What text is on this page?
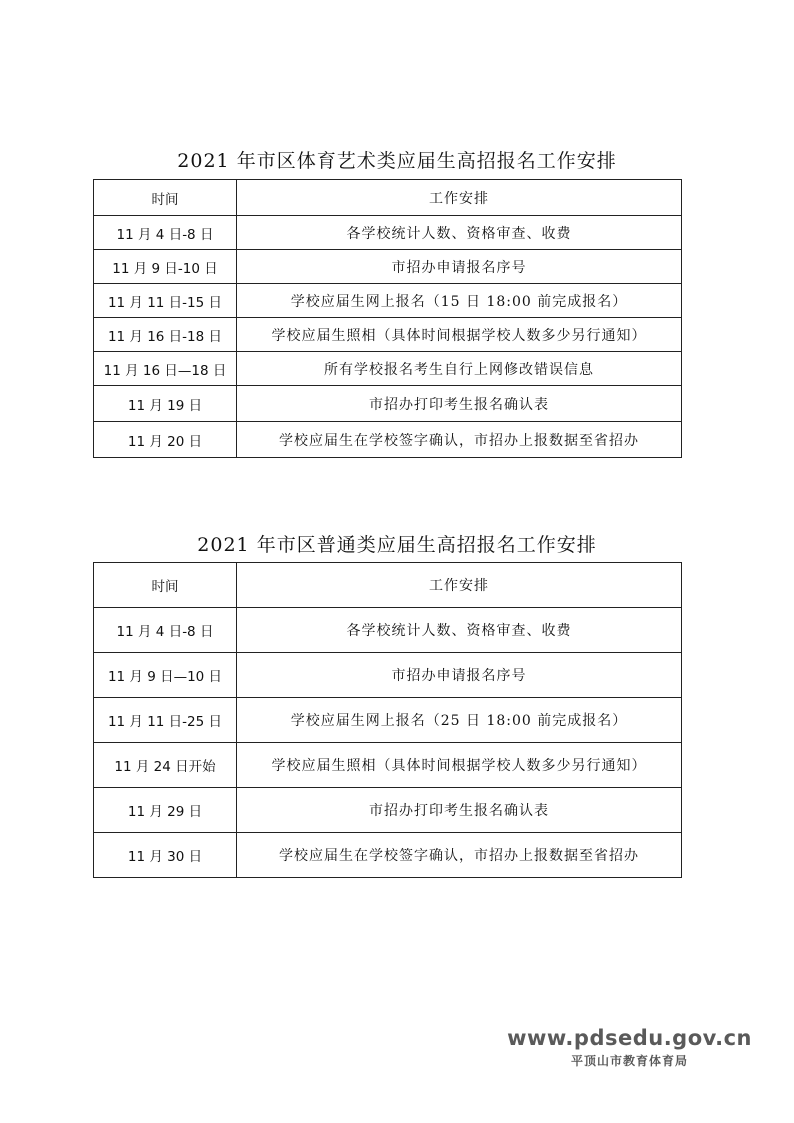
2021 年市区体育艺术类应届生高招报名工作安排
时间	工作安排
11 月 4 日-8 日	各学校统计人数、资格审查、收费
11 月 9 日-10 日	市招办申请报名序号
11 月 11 日-15 日	学校应届生网上报名（15 日 18:00 前完成报名）
11 月 16 日-18 日	学校应届生照相（具体时间根据学校人数多少另行通知）
11 月 16 日—18 日	所有学校报名考生自行上网修改错误信息
11 月 19 日	市招办打印考生报名确认表
11 月 20 日	学校应届生在学校签字确认，市招办上报数据至省招办
2021 年市区普通类应届生高招报名工作安排
时间	工作安排
11 月 4 日-8 日	各学校统计人数、资格审查、收费
11 月 9 日—10 日	市招办申请报名序号
11 月 11 日-25 日	学校应届生网上报名（25 日 18:00 前完成报名）
11 月 24 日开始	学校应届生照相（具体时间根据学校人数多少另行通知）
11 月 29 日	市招办打印考生报名确认表
11 月 30 日	学校应届生在学校签字确认，市招办上报数据至省招办
www.pdsedu.gov.cn
平顶山市教育体育局
